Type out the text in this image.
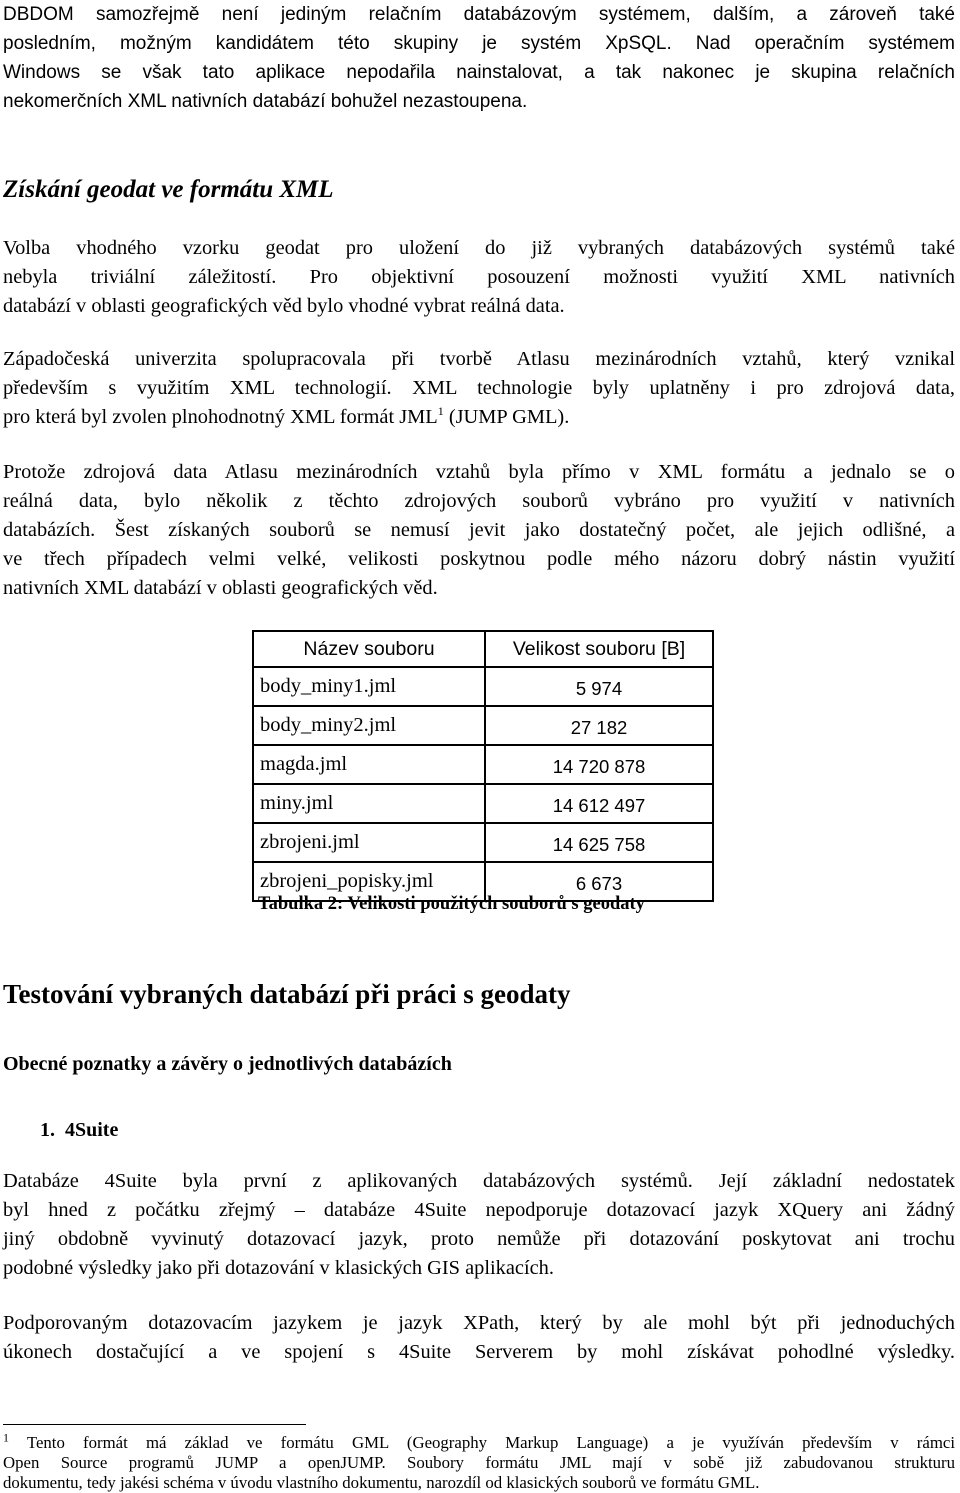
DBDOM samozřejmě není jediným relačním databázovým systémem, dalším, a zároveň také
posledním, možným kandidátem této skupiny je systém XpSQL. Nad operačním systémem
Windows se však tato aplikace nepodařila nainstalovat, a tak nakonec je skupina relačních
nekomerčních XML nativních databází bohužel nezastoupena.

Získání geodat ve formátu XML

Volba vhodného vzorku geodat pro uložení do již vybraných databázových systémů také
nebyla triviální záležitostí. Pro objektivní posouzení možnosti využití XML nativních
databází v oblasti geografických věd bylo vhodné vybrat reálná data.

Západočeská univerzita spolupracovala při tvorbě Atlasu mezinárodních vztahů, který vznikal
především s využitím XML technologií. XML technologie byly uplatněny i pro zdrojová data,
pro která byl zvolen plnohodnotný XML formát JML$^1$ (JUMP GML).

Protože zdrojová data Atlasu mezinárodních vztahů byla přímo v XML formátu a jednalo se o
reálná data, bylo několik z těchto zdrojových souborů vybráno pro využití v nativních
databázích. Šest získaných souborů se nemusí jevit jako dostatečný počet, ale jejich odlišné, a
ve třech případech velmi velké, velikosti poskytnou podle mého názoru dobrý nástin využití
nativních XML databází v oblasti geografických věd.

Název souboru	Velikost souboru [B]
body_miny1.jml	5 974
body_miny2.jml	27 182
magda.jml	14 720 878
miny.jml	14 612 497
zbrojeni.jml	14 625 758
zbrojeni_popisky.jml	6 673

Tabulka 2: Velikosti použitých souborů s geodaty

Testování vybraných databází při práci s geodaty
Obecné poznatky a závěry o jednotlivých databázích

1. 4Suite

Databáze 4Suite byla první z aplikovaných databázových systémů. Její základní nedostatek
byl hned z počátku zřejmý – databáze 4Suite nepodporuje dotazovací jazyk XQuery ani žádný
jiný obdobně vyvinutý dotazovací jazyk, proto nemůže při dotazování poskytovat ani trochu
podobné výsledky jako při dotazování v klasických GIS aplikacích.

Podporovaným dotazovacím jazykem je jazyk XPath, který by ale mohl být při jednoduchých
úkonech dostačující a ve spojení s 4Suite Serverem by mohl získávat pohodlné výsledky.

$^1$ Tento formát má základ ve formátu GML (Geography Markup Language) a je využíván především v rámci
Open Source programů JUMP a openJUMP. Soubory formátu JML mají v sobě již zabudovanou strukturu
dokumentu, tedy jakési schéma v úvodu vlastního dokumentu, narozdíl od klasických souborů ve formátu GML.
